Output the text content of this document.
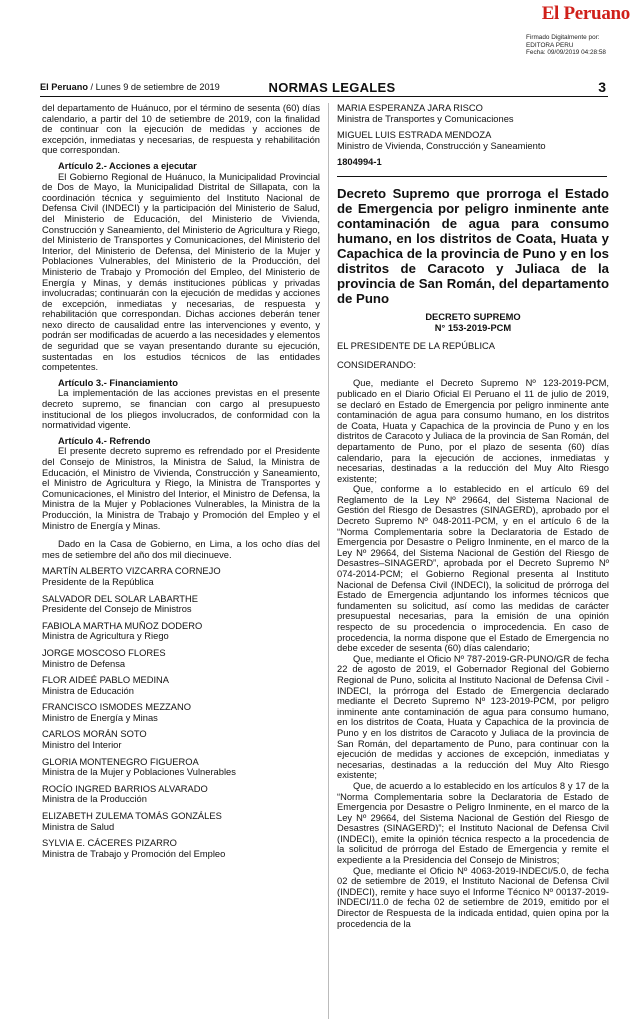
El Peruano
Firmado Digitalmente por:
EDITORA PERU
Fecha: 09/09/2019 04:28:58
El Peruano / Lunes 9 de setiembre de 2019	NORMAS LEGALES	3

del departamento de Huánuco, por el término de sesenta (60) días calendario, a partir del 10 de setiembre de 2019, con la finalidad de continuar con la ejecución de medidas y acciones de excepción, inmediatas y necesarias, de respuesta y rehabilitación que correspondan.

Artículo 2.- Acciones a ejecutar

El Gobierno Regional de Huánuco, la Municipalidad Provincial de Dos de Mayo, la Municipalidad Distrital de Sillapata, con la coordinación técnica y seguimiento del Instituto Nacional de Defensa Civil (INDECI) y la participación del Ministerio de Salud, del Ministerio de Educación, del Ministerio de Vivienda, Construcción y Saneamiento, del Ministerio de Agricultura y Riego, del Ministerio de Transportes y Comunicaciones, del Ministerio del Interior, del Ministerio de Defensa, del Ministerio de la Mujer y Poblaciones Vulnerables, del Ministerio de la Producción, del Ministerio de Trabajo y Promoción del Empleo, del Ministerio de Energía y Minas, y demás instituciones públicas y privadas involucradas; continuarán con la ejecución de medidas y acciones de excepción, inmediatas y necesarias, de respuesta y rehabilitación que correspondan. Dichas acciones deberán tener nexo directo de causalidad entre las intervenciones y evento, y podrán ser modificadas de acuerdo a las necesidades y elementos de seguridad que se vayan presentando durante su ejecución, sustentadas en los estudios técnicos de las entidades competentes.

Artículo 3.- Financiamiento

La implementación de las acciones previstas en el presente decreto supremo, se financian con cargo al presupuesto institucional de los pliegos involucrados, de conformidad con la normatividad vigente.

Artículo 4.- Refrendo

El presente decreto supremo es refrendado por el Presidente del Consejo de Ministros, la Ministra de Salud, la Ministra de Educación, el Ministro de Vivienda, Construcción y Saneamiento, el Ministro de Agricultura y Riego, la Ministra de Transportes y Comunicaciones, el Ministro del Interior, el Ministro de Defensa, la Ministra de la Mujer y Poblaciones Vulnerables, la Ministra de la Producción, la Ministra de Trabajo y Promoción del Empleo y el Ministro de Energía y Minas.

Dado en la Casa de Gobierno, en Lima, a los ocho días del mes de setiembre del año dos mil diecinueve.

MARTÍN ALBERTO VIZCARRA CORNEJO
Presidente de la República
SALVADOR DEL SOLAR LABARTHE
Presidente del Consejo de Ministros
FABIOLA MARTHA MUÑOZ DODERO
Ministra de Agricultura y Riego
JORGE MOSCOSO FLORES
Ministro de Defensa
FLOR AIDEÉ PABLO MEDINA
Ministra de Educación
FRANCISCO ISMODES MEZZANO
Ministro de Energía y Minas
CARLOS MORÁN SOTO
Ministro del Interior
GLORIA MONTENEGRO FIGUEROA
Ministra de la Mujer y Poblaciones Vulnerables
ROCÍO INGRED BARRIOS ALVARADO
Ministra de la Producción
ELIZABETH ZULEMA TOMÁS GONZÁLES
Ministra de Salud
SYLVIA E. CÁCERES PIZARRO
Ministra de Trabajo y Promoción del Empleo
MARIA ESPERANZA JARA RISCO
Ministra de Transportes y Comunicaciones
MIGUEL LUIS ESTRADA MENDOZA
Ministro de Vivienda, Construcción y Saneamiento
1804994-1
Decreto Supremo que prorroga el Estado de Emergencia por peligro inminente ante contaminación de agua para consumo humano, en los distritos de Coata, Huata y Capachica de la provincia de Puno y en los distritos de Caracoto y Juliaca de la provincia de San Román, del departamento de Puno

DECRETO SUPREMO

N° 153-2019-PCM

EL PRESIDENTE DE LA REPÚBLICA

CONSIDERANDO:

Que, mediante el Decreto Supremo Nº 123-2019-PCM, publicado en el Diario Oficial El Peruano el 11 de julio de 2019, se declaró en Estado de Emergencia por peligro inminente ante contaminación de agua para consumo humano, en los distritos de Coata, Huata y Capachica de la provincia de Puno y en los distritos de Caracoto y Juliaca de la provincia de San Román, del departamento de Puno, por el plazo de sesenta (60) días calendario, para la ejecución de acciones, inmediatas y necesarias, destinadas a la reducción del Muy Alto Riesgo existente;

Que, conforme a lo establecido en el artículo 69 del Reglamento de la Ley Nº 29664, del Sistema Nacional de Gestión del Riesgo de Desastres (SINAGERD), aprobado por el Decreto Supremo Nº 048-2011-PCM, y en el artículo 6 de la “Norma Complementaria sobre la Declaratoria de Estado de Emergencia por Desastre o Peligro Inminente, en el marco de la Ley Nº 29664, del Sistema Nacional de Gestión del Riesgo de Desastres–SINAGERD”, aprobada por el Decreto Supremo Nº 074-2014-PCM; el Gobierno Regional presenta al Instituto Nacional de Defensa Civil (INDECI), la solicitud de prórroga del Estado de Emergencia adjuntando los informes técnicos que fundamenten su solicitud, así como las medidas de carácter presupuestal necesarias, para la emisión de una opinión respecto de su procedencia o improcedencia. En caso de procedencia, la norma dispone que el Estado de Emergencia no debe exceder de sesenta (60) días calendario;

Que, mediante el Oficio Nº 787-2019-GR-PUNO/GR de fecha 22 de agosto de 2019, el Gobernador Regional del Gobierno Regional de Puno, solicita al Instituto Nacional de Defensa Civil - INDECI, la prórroga del Estado de Emergencia declarado mediante el Decreto Supremo Nº 123-2019-PCM, por peligro inminente ante contaminación de agua para consumo humano, en los distritos de Coata, Huata y Capachica de la provincia de Puno y en los distritos de Caracoto y Juliaca de la provincia de San Román, del departamento de Puno, para continuar con la ejecución de medidas y acciones de excepción, inmediatas y necesarias, destinadas a la reducción del Muy Alto Riesgo existente;

Que, de acuerdo a lo establecido en los artículos 8 y 17 de la “Norma Complementaria sobre la Declaratoria de Estado de Emergencia por Desastre o Peligro Inminente, en el marco de la Ley Nº 29664, del Sistema Nacional de Gestión del Riesgo de Desastres (SINAGERD)”; el Instituto Nacional de Defensa Civil (INDECI), emite la opinión técnica respecto a la procedencia de la solicitud de prórroga del Estado de Emergencia y remite el expediente a la Presidencia del Consejo de Ministros;

Que, mediante el Oficio Nº 4063-2019-INDECI/5.0, de fecha 02 de setiembre de 2019, el Instituto Nacional de Defensa Civil (INDECI), remite y hace suyo el Informe Técnico Nº 00137-2019-INDECI/11.0 de fecha 02 de setiembre de 2019, emitido por el Director de Respuesta de la indicada entidad, quien opina por la procedencia de la
